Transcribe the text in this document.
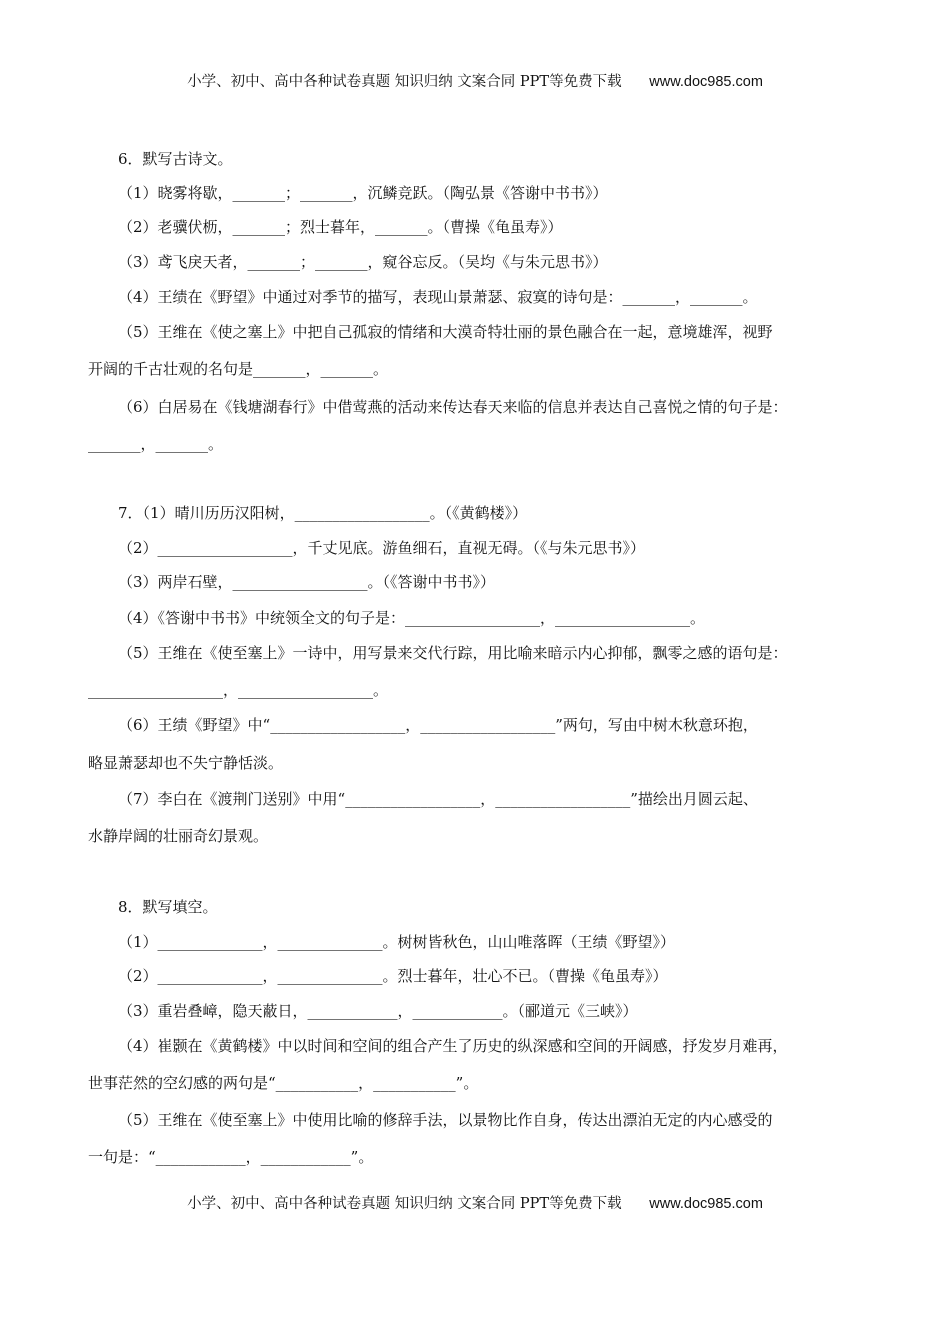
小学、初中、高中各种试卷真题 知识归纳 文案合同 PPT等免费下载 www.doc985.com
6．默写古诗文。
（1）晓雾将歇，_______；_______，沉鳞竞跃。（陶弘景《答谢中书书》）
（2）老骥伏枥，_______；烈士暮年，_______。（曹操《龟虽寿》）
（3）鸢飞戾天者，_______；_______，窥谷忘反。（吴均《与朱元思书》）
（4）王绩在《野望》中通过对季节的描写，表现山景萧瑟、寂寞的诗句是：_______，_______。
（5）王维在《使之塞上》中把自己孤寂的情绪和大漠奇特壮丽的景色融合在一起，意境雄浑，视野
开阔的千古壮观的名句是_______，_______。
（6）白居易在《钱塘湖春行》中借莺燕的活动来传达春天来临的信息并表达自己喜悦之情的句子是：
_______，_______。
7．（1）晴川历历汉阳树，__________________。（《黄鹤楼》）
（2）__________________，千丈见底。游鱼细石，直视无碍。（《与朱元思书》）
（3）两岸石壁，__________________。（《答谢中书书》）
（4）《答谢中书书》中统领全文的句子是：__________________，__________________。
（5）王维在《使至塞上》一诗中，用写景来交代行踪，用比喻来暗示内心抑郁，飘零之感的语句是：
__________________，__________________。
（6）王绩《野望》中“__________________，__________________”两句，写由中树木秋意环抱，
略显萧瑟却也不失宁静恬淡。
（7）李白在《渡荆门送别》中用“__________________，__________________”描绘出月圆云起、
水静岸阔的壮丽奇幻景观。
8．默写填空。
（1）______________，______________。树树皆秋色，山山唯落晖（王绩《野望》）
（2）______________，______________。烈士暮年，壮心不已。（曹操《龟虽寿》）
（3）重岩叠嶂，隐天蔽日，____________，____________。（郦道元《三峡》）
（4）崔颢在《黄鹤楼》中以时间和空间的组合产生了历史的纵深感和空间的开阔感，抒发岁月难再，
世事茫然的空幻感的两句是“___________，___________”。
（5）王维在《使至塞上》中使用比喻的修辞手法，以景物比作自身，传达出漂泊无定的内心感受的
一句是：“____________，____________”。
小学、初中、高中各种试卷真题 知识归纳 文案合同 PPT等免费下载 www.doc985.com
